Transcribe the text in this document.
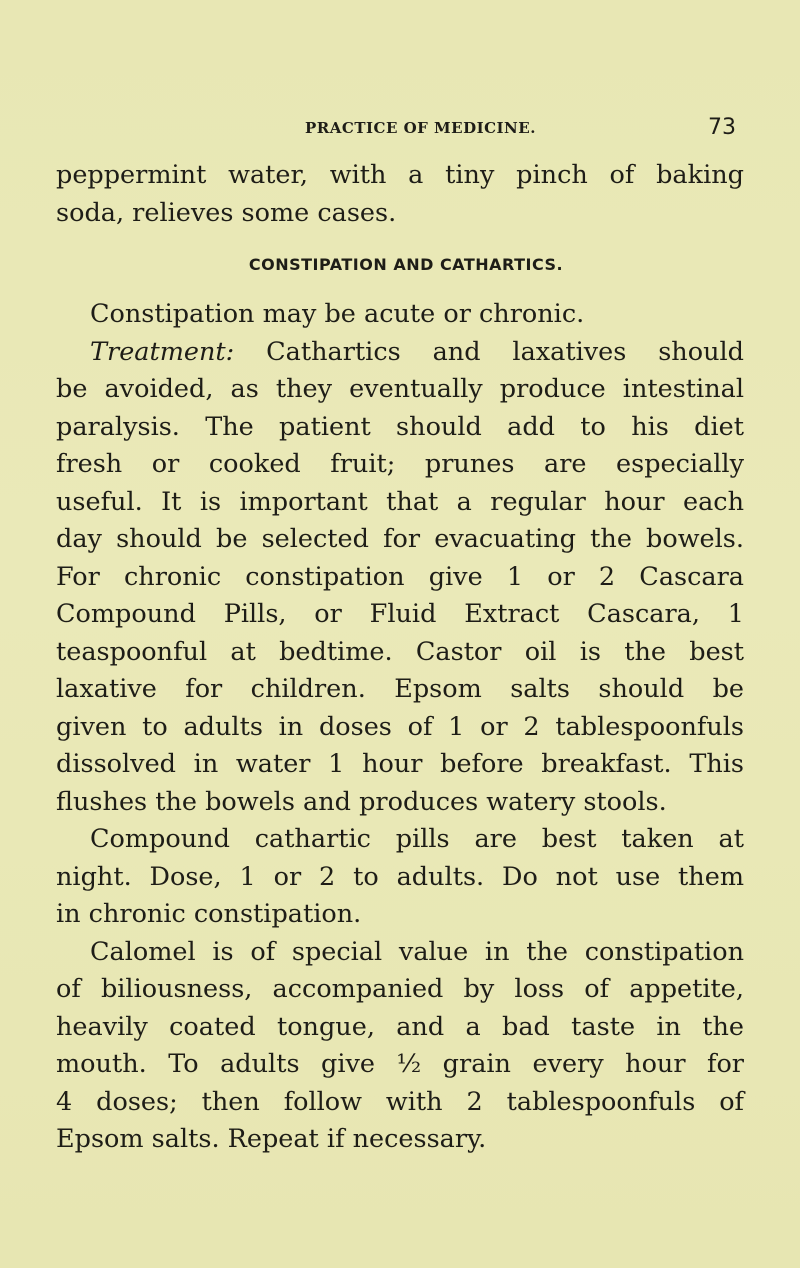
PRACTICE OF MEDICINE.	73
peppermint water, with a tiny pinch of baking
soda, relieves some cases.
CONSTIPATION AND CATHARTICS.
Constipation may be acute or chronic.
Treatment: Cathartics and laxatives should
be avoided, as they eventually produce intestinal
paralysis. The patient should add to his diet
fresh or cooked fruit; prunes are especially
useful. It is important that a regular hour each
day should be selected for evacuating the bowels.
For chronic constipation give 1 or 2 Cascara
Compound Pills, or Fluid Extract Cascara, 1
teaspoonful at bedtime. Castor oil is the best
laxative for children. Epsom salts should be
given to adults in doses of 1 or 2 tablespoonfuls
dissolved in water 1 hour before breakfast. This
flushes the bowels and produces watery stools.
Compound cathartic pills are best taken at
night. Dose, 1 or 2 to adults. Do not use them
in chronic constipation.
Calomel is of special value in the constipation
of biliousness, accompanied by loss of appetite,
heavily coated tongue, and a bad taste in the
mouth. To adults give ½ grain every hour for
4 doses; then follow with 2 tablespoonfuls of
Epsom salts. Repeat if necessary.
